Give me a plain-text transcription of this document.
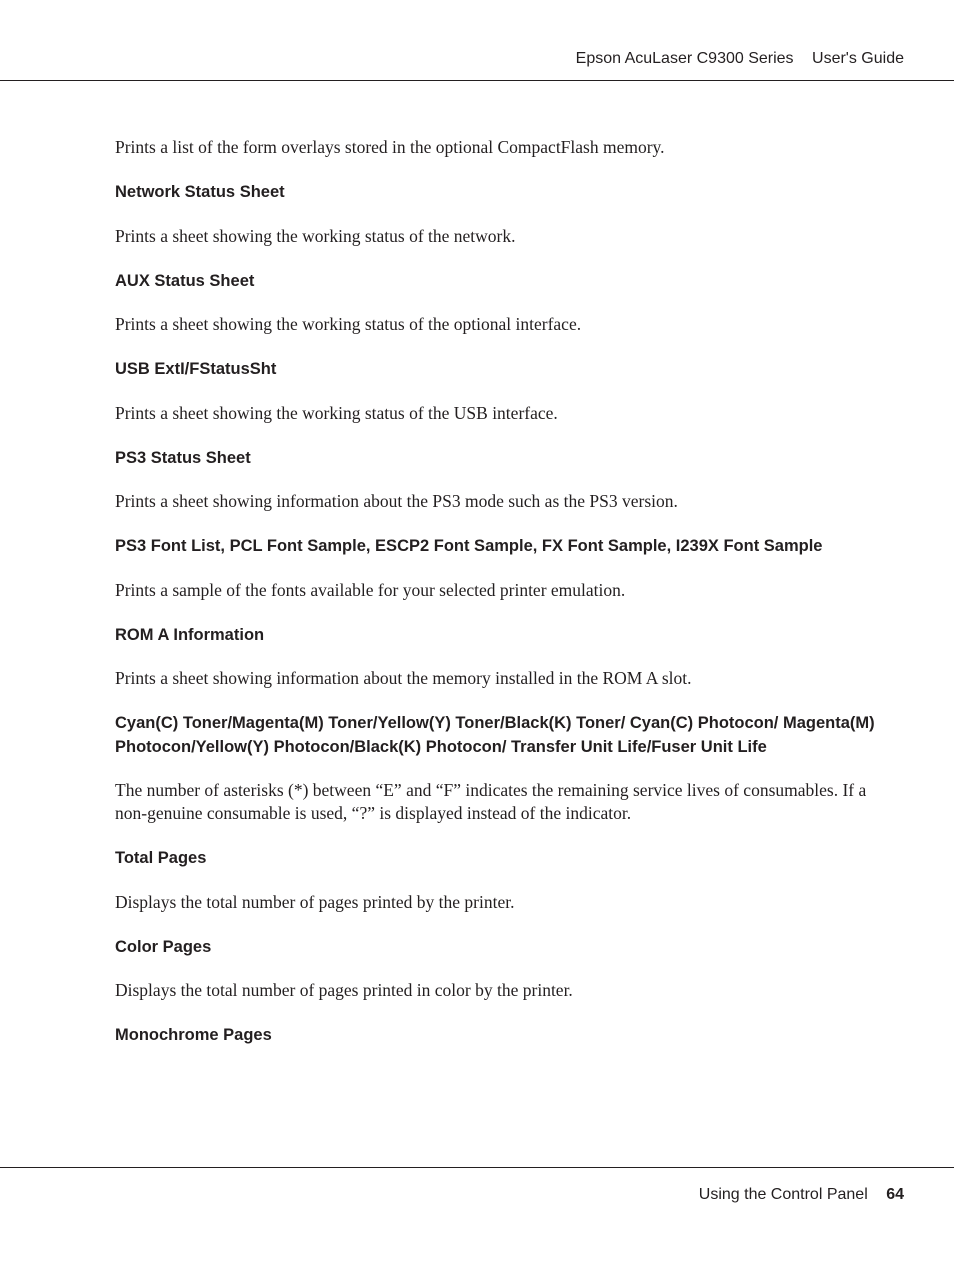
Epson AcuLaser C9300 Series User's Guide

Prints a list of the form overlays stored in the optional CompactFlash memory.

Network Status Sheet

Prints a sheet showing the working status of the network.

AUX Status Sheet

Prints a sheet showing the working status of the optional interface.

USB ExtI/FStatusSht

Prints a sheet showing the working status of the USB interface.

PS3 Status Sheet

Prints a sheet showing information about the PS3 mode such as the PS3 version.

PS3 Font List, PCL Font Sample, ESCP2 Font Sample, FX Font Sample, I239X Font Sample

Prints a sample of the fonts available for your selected printer emulation.

ROM A Information

Prints a sheet showing information about the memory installed in the ROM A slot.

Cyan(C) Toner/Magenta(M) Toner/Yellow(Y) Toner/Black(K) Toner/ Cyan(C) Photocon/ Magenta(M) Photocon/Yellow(Y) Photocon/Black(K) Photocon/ Transfer Unit Life/Fuser Unit Life

The number of asterisks (*) between “E” and “F” indicates the remaining service lives of consumables. If a non-genuine consumable is used, “?” is displayed instead of the indicator.

Total Pages

Displays the total number of pages printed by the printer.

Color Pages

Displays the total number of pages printed in color by the printer.

Monochrome Pages
Using the Control Panel 64
